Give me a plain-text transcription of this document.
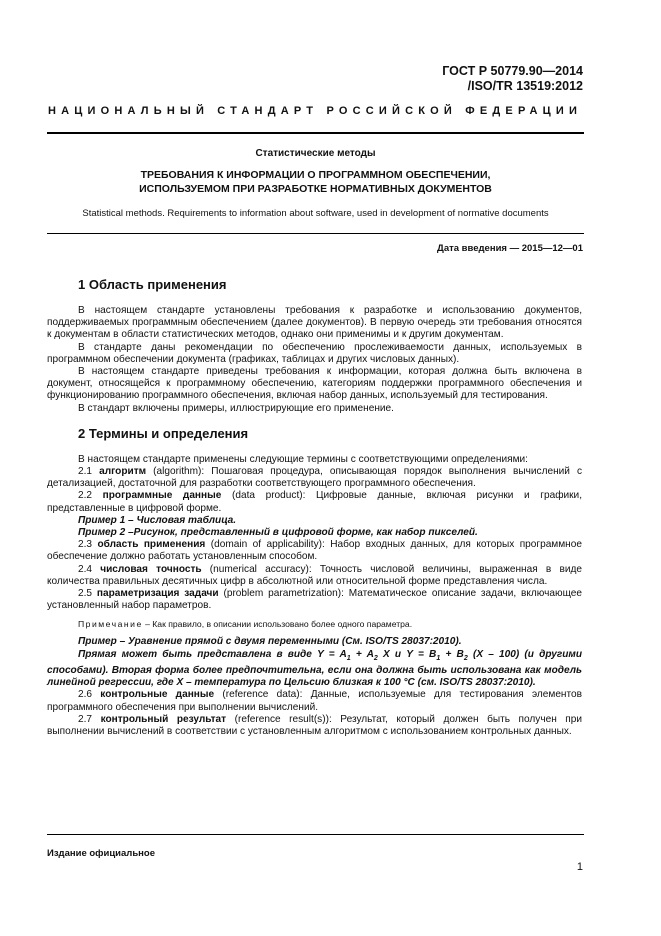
ГОСТ Р 50779.90—2014
/ISO/TR 13519:2012
НАЦИОНАЛЬНЫЙ СТАНДАРТ РОССИЙСКОЙ ФЕДЕРАЦИИ
Статистические методы
ТРЕБОВАНИЯ К ИНФОРМАЦИИ О ПРОГРАММНОМ ОБЕСПЕЧЕНИИ,
ИСПОЛЬЗУЕМОМ ПРИ РАЗРАБОТКЕ НОРМАТИВНЫХ ДОКУМЕНТОВ
Statistical methods. Requirements to information about software, used in development of normative documents
Дата введения — 2015—12—01
1 Область применения

В настоящем стандарте установлены требования к разработке и использованию документов, поддерживаемых программным обеспечением (далее документов). В первую очередь эти требования относятся к документам в области статистических методов, однако они применимы и к другим документам.

В стандарте даны рекомендации по обеспечению прослеживаемости данных, используемых в программном обеспечении документа (графиках, таблицах и других числовых данных).

В настоящем стандарте приведены требования к информации, которая должна быть включена в документ, относящейся к программному обеспечению, категориям поддержки программного обеспечения и функционированию программного обеспечения, включая набор данных, используемый для тестирования.

В стандарт включены примеры, иллюстрирующие его применение.

2 Термины и определения

В настоящем стандарте применены следующие термины с соответствующими определениями:

2.1 алгоритм (algorithm): Пошаговая процедура, описывающая порядок выполнения вычислений с детализацией, достаточной для разработки соответствующего программного обеспечения.

2.2 программные данные (data product): Цифровые данные, включая рисунки и графики, представленные в цифровой форме.

Пример 1 – Числовая таблица.

Пример 2 –Рисунок, представленный в цифровой форме, как набор пикселей.

2.3 область применения (domain of applicability): Набор входных данных, для которых программное обеспечение должно работать установленным способом.

2.4 числовая точность (numerical accuracy): Точность числовой величины, выраженная в виде количества правильных десятичных цифр в абсолютной или относительной форме представления числа.

2.5 параметризация задачи (problem parametrization): Математическое описание задачи, включающее установленный набор параметров.

Примечание – Как правило, в описании использовано более одного параметра.

Пример – Уравнение прямой с двумя переменными (См. ISO/TS 28037:2010).

Прямая может быть представлена в виде $Y = A_1 + A_2$ X и $Y = B_1 + B_2$ (X – 100) (и другими способами). Вторая форма более предпочтительна, если она должна быть использована как модель линейной регрессии, где X – температура по Цельсию близкая к 100 °C (см. ISO/TS 28037:2010).

2.6 контрольные данные (reference data): Данные, используемые для тестирования элементов программного обеспечения при выполнении вычислений.

2.7 контрольный результат (reference result(s)): Результат, который должен быть получен при выполнении вычислений в соответствии с установленным алгоритмом с использованием контрольных данных.

Издание официальное
1
